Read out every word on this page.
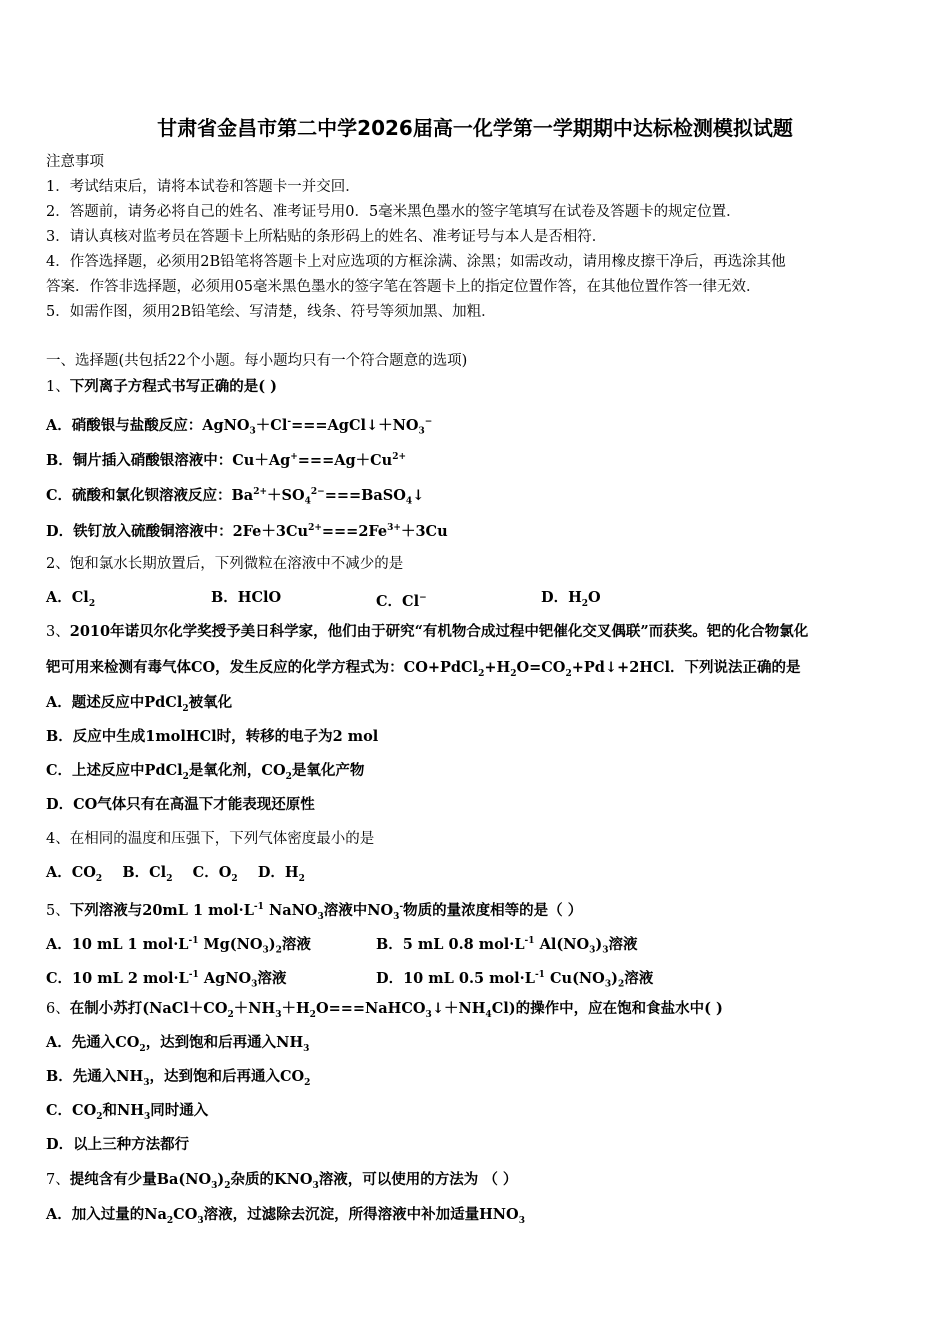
甘肃省金昌市第二中学2026届高一化学第一学期期中达标检测模拟试题
注意事项
1．考试结束后，请将本试卷和答题卡一并交回．
2．答题前，请务必将自己的姓名、准考证号用0．5毫米黑色墨水的签字笔填写在试卷及答题卡的规定位置．
3．请认真核对监考员在答题卡上所粘贴的条形码上的姓名、准考证号与本人是否相符．
4．作答选择题，必须用2B铅笔将答题卡上对应选项的方框涂满、涂黑；如需改动，请用橡皮擦干净后，再选涂其他
答案．作答非选择题，必须用05毫米黑色墨水的签字笔在答题卡上的指定位置作答，在其他位置作答一律无效．
5．如需作图，须用2B铅笔绘、写清楚，线条、符号等须加黑、加粗．
一、选择题(共包括22个小题。每小题均只有一个符合题意的选项)
1、下列离子方程式书写正确的是( )
A．硝酸银与盐酸反应：$AgNO_3+Cl^-===AgCl↓+NO_3^-$
B．铜片插入硝酸银溶液中：$Cu+Ag^+===Ag+Cu^{2+}$
C．硫酸和氯化钡溶液反应：$Ba^{2+}+SO_4^{2-}===BaSO_4↓$
D．铁钉放入硫酸铜溶液中：$2Fe+3Cu^{2+}===2Fe^{3+}+3Cu$
2、饱和氯水长期放置后，下列微粒在溶液中不减少的是
A．$Cl_2$	B．HClO	C．Cl−	D．$H_2O$
3、2010年诺贝尔化学奖授予美日科学家，他们由于研究“有机物合成过程中钯催化交叉偶联”而获奖。钯的化合物氯化
钯可用来检测有毒气体CO，发生反应的化学方程式为：$CO+PdCl_2+H_2O=CO_2+Pd↓+2HCl$．下列说法正确的是
A．题述反应中PdCl$_2$被氧化
B．反应中生成1molHCl时，转移的电子为2 mol
C．上述反应中PdCl$_2$是氧化剂，$CO_2$是氧化产物
D．CO气体只有在高温下才能表现还原性
4、在相同的温度和压强下，下列气体密度最小的是
A．$CO_2$ B．$Cl_2$ C．$O_2$ D．$H_2$
5、下列溶液与20mL 1 $mol\cdot L^{-1}$ NaNO$_3$溶液中$NO_3^-$物质的量浓度相等的是（ ）
A．10 mL 1 $mol\cdot L^{-1}$ $Mg(NO_3)_2$溶液	B．5 mL 0.8 $mol\cdot L^{-1}$ $Al(NO_3)_3$溶液
C．10 mL 2 $mol\cdot L^{-1}$ AgNO$_3$溶液	D．10 mL 0.5 $mol\cdot L^{-1}$ $Cu(NO_3)_2$溶液
6、在制小苏打$(NaCl+CO_2+NH_3+H_2O===NaHCO_3↓+NH_4Cl)$的操作中，应在饱和食盐水中( )
A．先通入$CO_2$，达到饱和后再通入$NH_3$
B．先通入$NH_3$，达到饱和后再通入$CO_2$
C．$CO_2$和$NH_3$同时通入
D．以上三种方法都行
7、提纯含有少量$Ba(NO_3)_2$杂质的$KNO_3$溶液，可以使用的方法为 （ ）
A．加入过量的$Na_2CO_3$溶液，过滤除去沉淀，所得溶液中补加适量$HNO_3$
